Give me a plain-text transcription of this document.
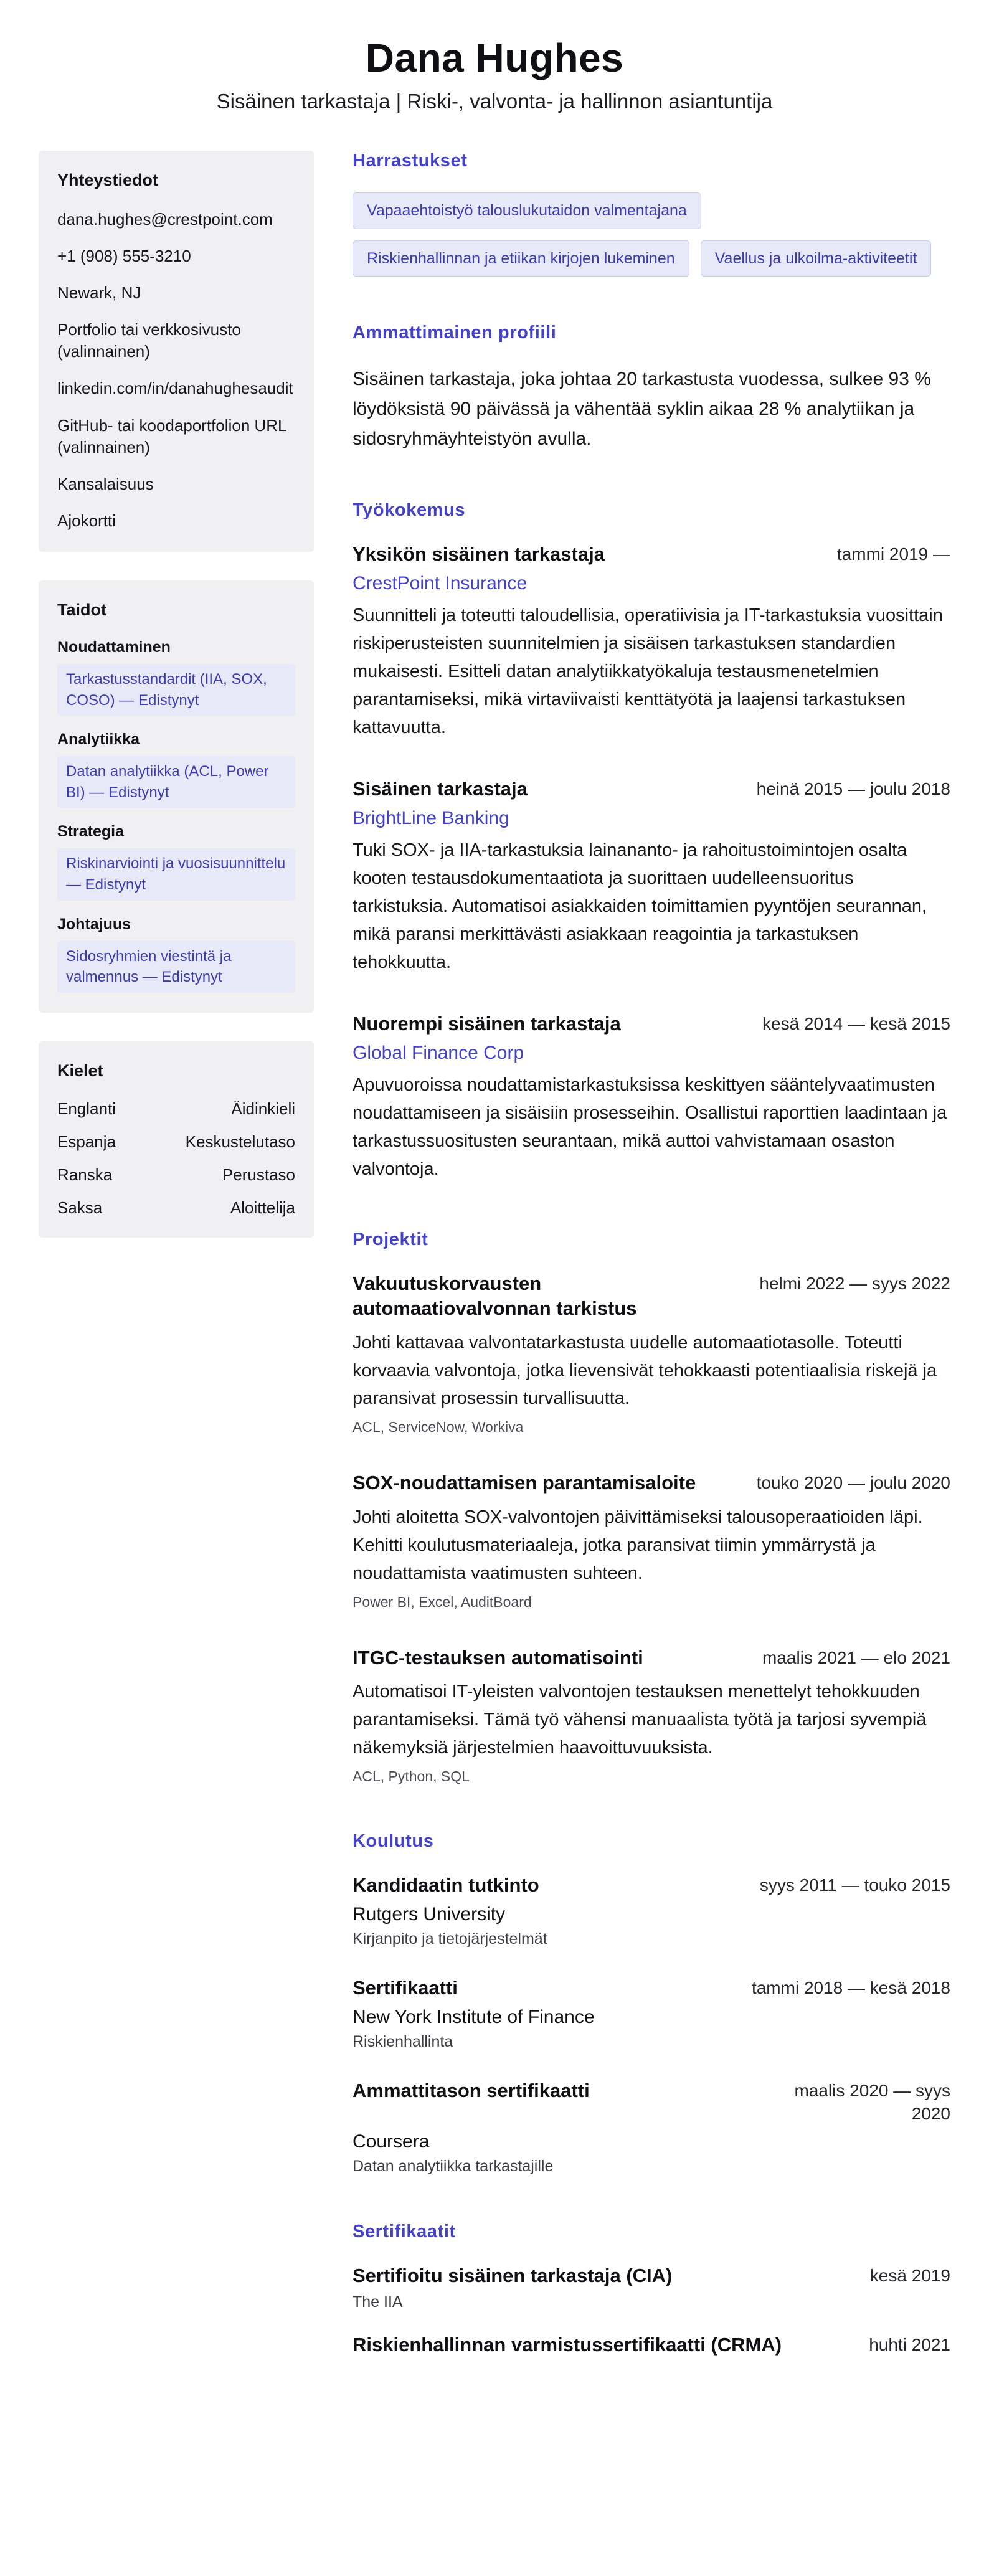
Dana Hughes
Sisäinen tarkastaja | Riski-, valvonta- ja hallinnon asiantuntija
Yhteystiedot
dana.hughes@crestpoint.com
+1 (908) 555-3210
Newark, NJ
Portfolio tai verkkosivusto (valinnainen)
linkedin.com/in/danahughesaudit
GitHub- tai koodaportfolion URL (valinnainen)
Kansalaisuus
Ajokortti
Taidot
Noudattaminen
Tarkastusstandardit (IIA, SOX, COSO) — Edistynyt
Analytiikka
Datan analytiikka (ACL, Power BI) — Edistynyt
Strategia
Riskinarviointi ja vuosisuunnittelu — Edistynyt
Johtajuus
Sidosryhmien viestintä ja valmennus — Edistynyt
Kielet
Englanti	Äidinkieli
Espanja	Keskustelutaso
Ranska	Perustaso
Saksa	Aloittelija
Harrastukset
Vapaaehtoistyö talouslukutaidon valmentajana
Riskienhallinnan ja etiikan kirjojen lukeminen	Vaellus ja ulkoilma-aktiviteetit
Ammattimainen profiili

Sisäinen tarkastaja, joka johtaa 20 tarkastusta vuodessa, sulkee 93 % löydöksistä 90 päivässä ja vähentää syklin aikaa 28 % analytiikan ja sidosryhmäyhteistyön avulla.

Työkokemus
Yksikön sisäinen tarkastaja	tammi 2019 —
CrestPoint Insurance

Suunnitteli ja toteutti taloudellisia, operatiivisia ja IT-tarkastuksia vuosittain riskiperusteisten suunnitelmien ja sisäisen tarkastuksen standardien mukaisesti. Esitteli datan analytiikkatyökaluja testausmenetelmien parantamiseksi, mikä virtaviivaisti kenttätyötä ja laajensi tarkastuksen kattavuutta.

Sisäinen tarkastaja	heinä 2015 — joulu 2018
BrightLine Banking

Tuki SOX- ja IIA-tarkastuksia lainananto- ja rahoitustoimintojen osalta kooten testausdokumentaatiota ja suorittaen uudelleensuoritus tarkistuksia. Automatisoi asiakkaiden toimittamien pyyntöjen seurannan, mikä paransi merkittävästi asiakkaan reagointia ja tarkastuksen tehokkuutta.

Nuorempi sisäinen tarkastaja	kesä 2014 — kesä 2015
Global Finance Corp

Apuvuoroissa noudattamistarkastuksissa keskittyen sääntelyvaatimusten noudattamiseen ja sisäisiin prosesseihin. Osallistui raporttien laadintaan ja tarkastussuositusten seurantaan, mikä auttoi vahvistamaan osaston valvontoja.

Projektit
Vakuutuskorvausten automaatiovalvonnan tarkistus
helmi 2022 — syys 2022

Johti kattavaa valvontatarkastusta uudelle automaatiotasolle. Toteutti korvaavia valvontoja, jotka lievensivät tehokkaasti potentiaalisia riskejä ja paransivat prosessin turvallisuutta.

ACL, ServiceNow, Workiva
SOX-noudattamisen parantamisaloite	touko 2020 — joulu 2020

Johti aloitetta SOX-valvontojen päivittämiseksi talousoperaatioiden läpi. Kehitti koulutusmateriaaleja, jotka paransivat tiimin ymmärrystä ja noudattamista vaatimusten suhteen.

Power BI, Excel, AuditBoard
ITGC-testauksen automatisointi	maalis 2021 — elo 2021

Automatisoi IT-yleisten valvontojen testauksen menettelyt tehokkuuden parantamiseksi. Tämä työ vähensi manuaalista työtä ja tarjosi syvempiä näkemyksiä järjestelmien haavoittuvuuksista.

ACL, Python, SQL
Koulutus
Kandidaatin tutkinto	syys 2011 — touko 2015
Rutgers University
Kirjanpito ja tietojärjestelmät
Sertifikaatti	tammi 2018 — kesä 2018
New York Institute of Finance
Riskienhallinta
Ammattitason sertifikaatti	maalis 2020 — syys 2020
Coursera
Datan analytiikka tarkastajille
Sertifikaatit
Sertifioitu sisäinen tarkastaja (CIA)	kesä 2019
The IIA
Riskienhallinnan varmistussertifikaatti (CRMA)	huhti 2021
